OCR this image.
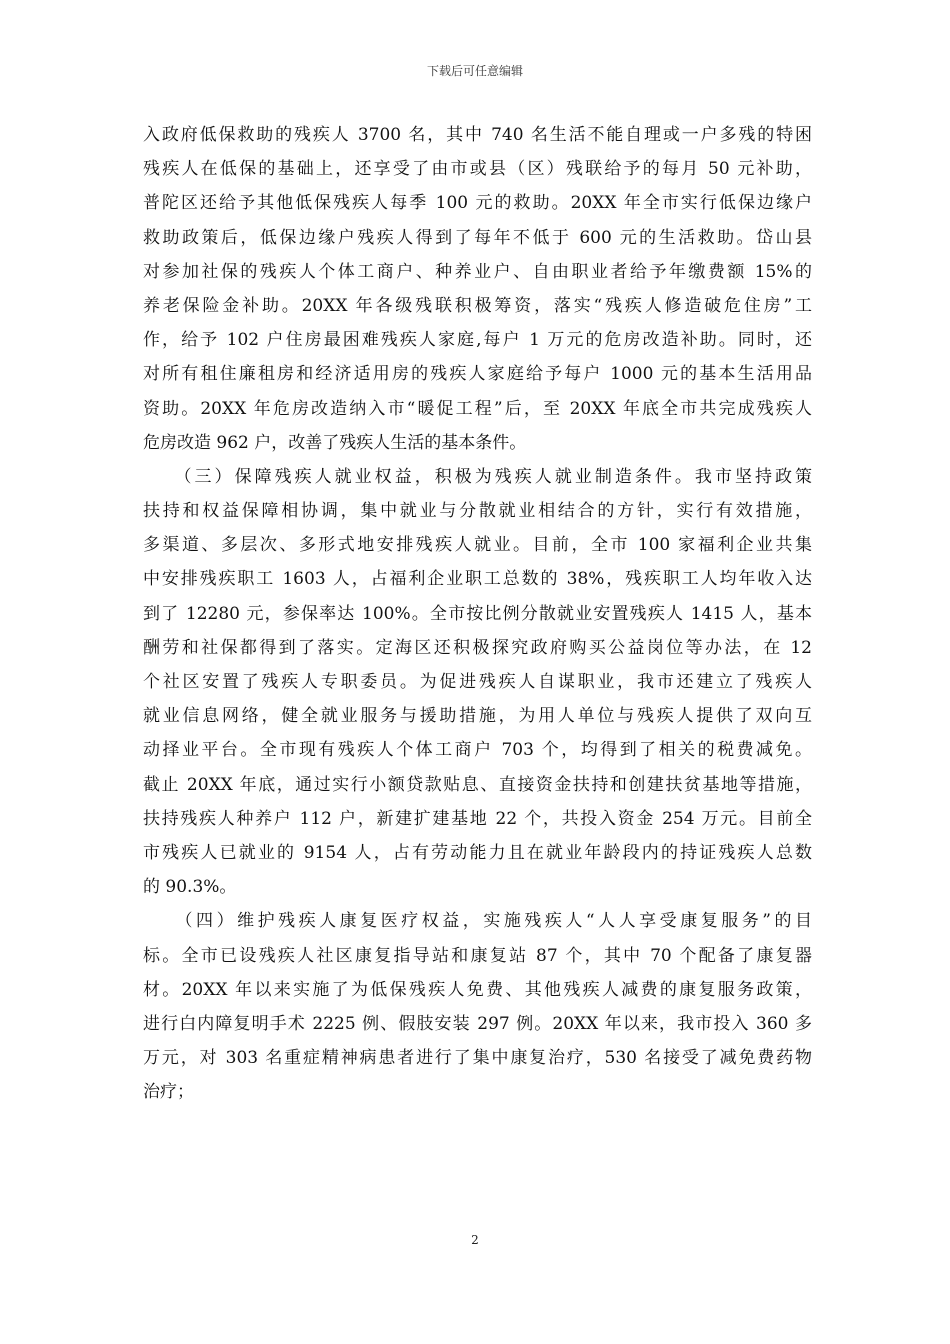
下载后可任意编辑
入政府低保救助的残疾人 3700 名，其中 740 名生活不能自理或一户多残的特困
残疾人在低保的基础上，还享受了由市或县（区）残联给予的每月 50 元补助，
普陀区还给予其他低保残疾人每季 100 元的救助。20XX 年全市实行低保边缘户
救助政策后，低保边缘户残疾人得到了每年不低于 600 元的生活救助。岱山县
对参加社保的残疾人个体工商户、种养业户、自由职业者给予年缴费额 15%的
养老保险金补助。20XX 年各级残联积极筹资，落实“残疾人修造破危住房”工
作，给予 102 户住房最困难残疾人家庭,每户 1 万元的危房改造补助。同时，还
对所有租住廉租房和经济适用房的残疾人家庭给予每户 1000 元的基本生活用品
资助。20XX 年危房改造纳入市“暖促工程”后，至 20XX 年底全市共完成残疾人
危房改造 962 户，改善了残疾人生活的基本条件。
　　（三）保障残疾人就业权益，积极为残疾人就业制造条件。我市坚持政策
扶持和权益保障相协调，集中就业与分散就业相结合的方针，实行有效措施，
多渠道、多层次、多形式地安排残疾人就业。目前，全市 100 家福利企业共集
中安排残疾职工 1603 人，占福利企业职工总数的 38%，残疾职工人均年收入达
到了 12280 元，参保率达 100%。全市按比例分散就业安置残疾人 1415 人，基本
酬劳和社保都得到了落实。定海区还积极探究政府购买公益岗位等办法，在 12
个社区安置了残疾人专职委员。为促进残疾人自谋职业，我市还建立了残疾人
就业信息网络，健全就业服务与援助措施，为用人单位与残疾人提供了双向互
动择业平台。全市现有残疾人个体工商户 703 个，均得到了相关的税费减免。
截止 20XX 年底，通过实行小额贷款贴息、直接资金扶持和创建扶贫基地等措施，
扶持残疾人种养户 112 户，新建扩建基地 22 个，共投入资金 254 万元。目前全
市残疾人已就业的 9154 人，占有劳动能力且在就业年龄段内的持证残疾人总数
的 90.3%。
　　（四）维护残疾人康复医疗权益，实施残疾人“人人享受康复服务”的目
标。全市已设残疾人社区康复指导站和康复站 87 个，其中 70 个配备了康复器
材。20XX 年以来实施了为低保残疾人免费、其他残疾人减费的康复服务政策，
进行白内障复明手术 2225 例、假肢安装 297 例。20XX 年以来，我市投入 360 多
万元，对 303 名重症精神病患者进行了集中康复治疗，530 名接受了减免费药物
治疗；
2
